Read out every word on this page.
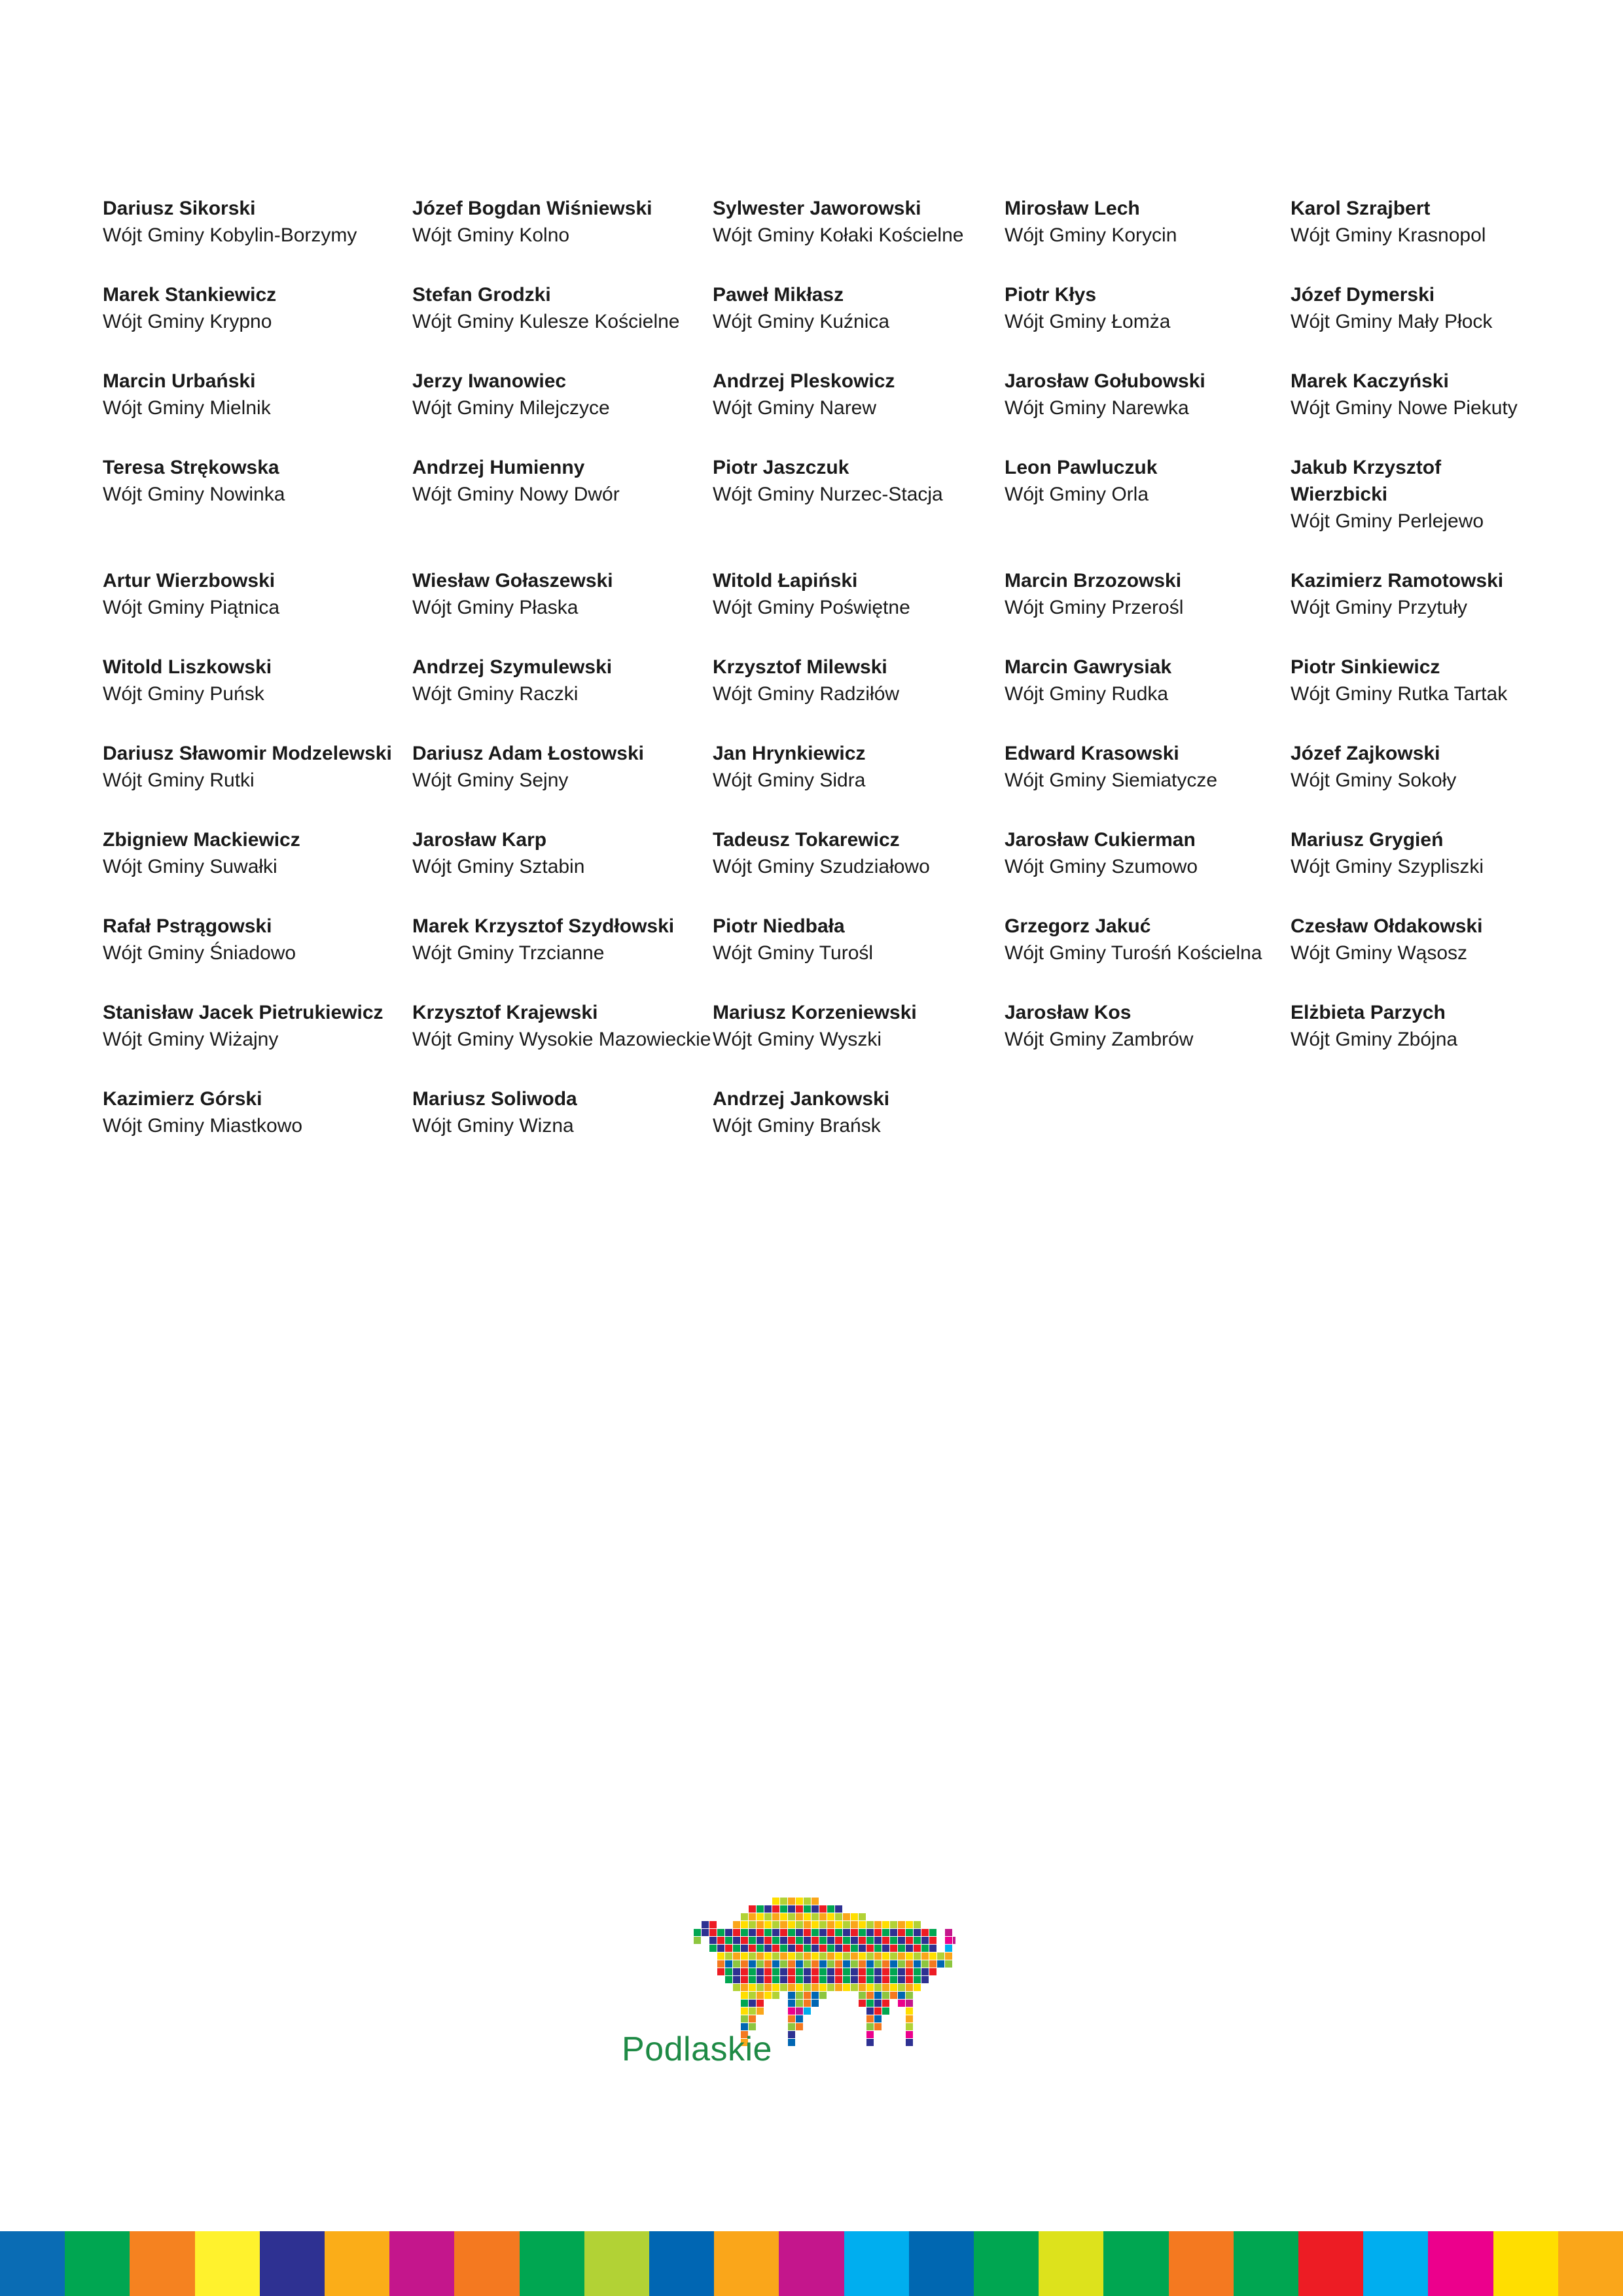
Dariusz Sikorski
Wójt Gminy Kobylin-Borzymy
Józef Bogdan Wiśniewski
Wójt Gminy Kolno
Sylwester Jaworowski
Wójt Gminy Kołaki Kościelne
Mirosław Lech
Wójt Gminy Korycin
Karol Szrajbert
Wójt Gminy Krasnopol
Marek Stankiewicz
Wójt Gminy Krypno
Stefan Grodzki
Wójt Gminy Kulesze Kościelne
Paweł Mikłasz
Wójt Gminy Kuźnica
Piotr Kłys
Wójt Gminy Łomża
Józef Dymerski
Wójt Gminy Mały Płock
Marcin Urbański
Wójt Gminy Mielnik
Jerzy Iwanowiec
Wójt Gminy Milejczyce
Andrzej Pleskowicz
Wójt Gminy Narew
Jarosław Gołubowski
Wójt Gminy Narewka
Marek Kaczyński
Wójt Gminy Nowe Piekuty
Teresa Strękowska
Wójt Gminy Nowinka
Andrzej Humienny
Wójt Gminy Nowy Dwór
Piotr Jaszczuk
Wójt Gminy Nurzec-Stacja
Leon Pawluczuk
Wójt Gminy Orla
Jakub Krzysztof Wierzbicki
Wójt Gminy Perlejewo
Artur Wierzbowski
Wójt Gminy Piątnica
Wiesław Gołaszewski
Wójt Gminy Płaska
Witold Łapiński
Wójt Gminy Poświętne
Marcin Brzozowski
Wójt Gminy Przerośl
Kazimierz Ramotowski
Wójt Gminy Przytuły
Witold Liszkowski
Wójt Gminy Puńsk
Andrzej Szymulewski
Wójt Gminy Raczki
Krzysztof Milewski
Wójt Gminy Radziłów
Marcin Gawrysiak
Wójt Gminy Rudka
Piotr Sinkiewicz
Wójt Gminy Rutka Tartak
Dariusz Sławomir Modzelewski
Wójt Gminy Rutki
Dariusz Adam Łostowski
Wójt Gminy Sejny
Jan Hrynkiewicz
Wójt Gminy Sidra
Edward Krasowski
Wójt Gminy Siemiatycze
Józef Zajkowski
Wójt Gminy Sokoły
Zbigniew Mackiewicz
Wójt Gminy Suwałki
Jarosław Karp
Wójt Gminy Sztabin
Tadeusz Tokarewicz
Wójt Gminy Szudziałowo
Jarosław Cukierman
Wójt Gminy Szumowo
Mariusz Grygień
Wójt Gminy Szypliszki
Rafał Pstrągowski
Wójt Gminy Śniadowo
Marek Krzysztof Szydłowski
Wójt Gminy Trzcianne
Piotr Niedbała
Wójt Gminy Turośl
Grzegorz Jakuć
Wójt Gminy Turośń Kościelna
Czesław Ołdakowski
Wójt Gminy Wąsosz
Stanisław Jacek Pietrukiewicz
Wójt Gminy Wiżajny
Krzysztof Krajewski
Wójt Gminy Wysokie Mazowieckie
Mariusz Korzeniewski
Wójt Gminy Wyszki
Jarosław Kos
Wójt Gminy Zambrów
Elżbieta Parzych
Wójt Gminy Zbójna
Kazimierz Górski
Wójt Gminy Miastkowo
Mariusz Soliwoda
Wójt Gminy Wizna
Andrzej Jankowski
Wójt Gminy Brańsk
Podlaskie
